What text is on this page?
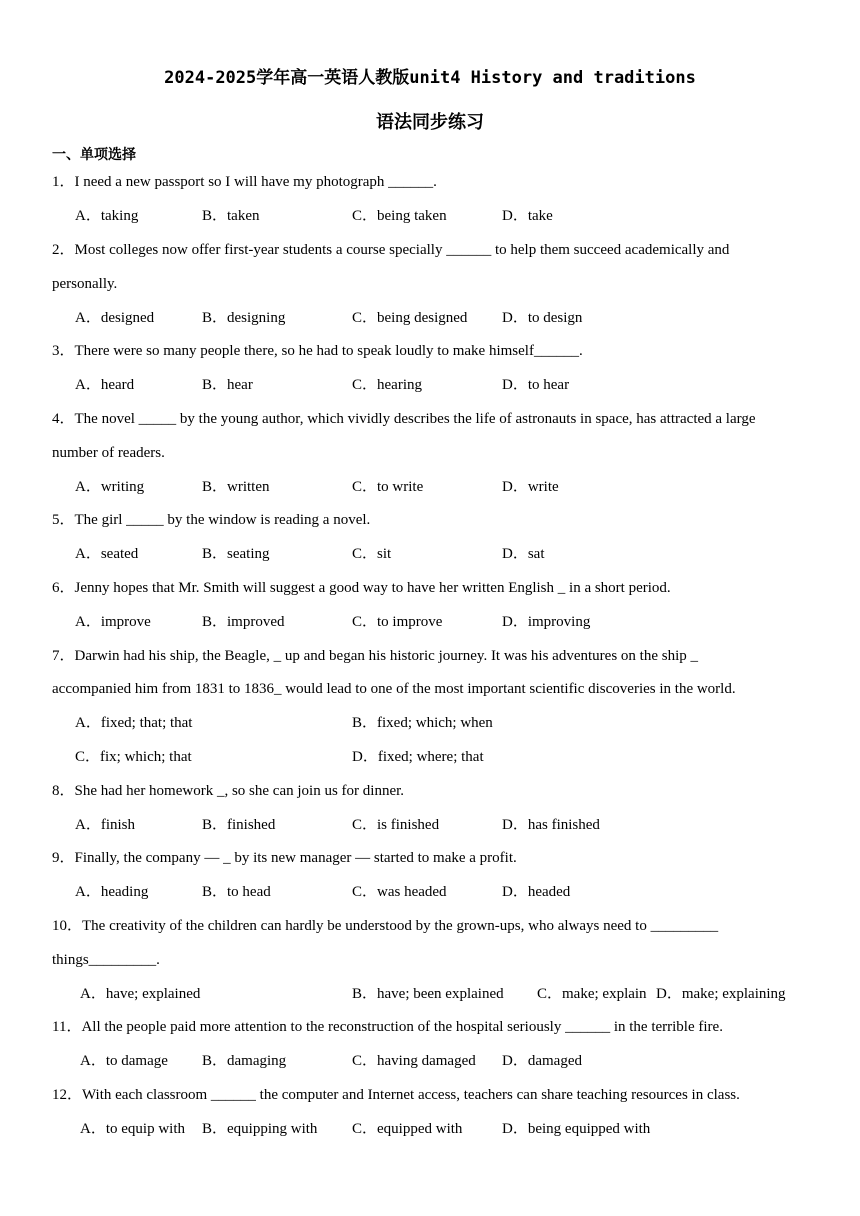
2024-2025学年高一英语人教版unit4 History and traditions
语法同步练习
一、单项选择
1．I need a new passport so I will have my photograph ______.
A．taking	B．taken	C．being taken	D．take
2．Most colleges now offer first-year students a course specially ______ to help them succeed academically and
personally.
A．designed	B．designing	C．being designed D．to design
3．There were so many people there, so he had to speak loudly to make himself______.
A．heard	B．hear	C．hearing	D．to hear
4．The novel _____ by the young author, which vividly describes the life of astronauts in space, has attracted a large
number of readers.
A．writing	B．written	C．to write	D．write
5．The girl _____ by the window is reading a novel.
A．seated	B．seating	C．sit	D．sat
6．Jenny hopes that Mr. Smith will suggest a good way to have her written English _ in a short period.
A．improve	B．improved	C．to improve	D．improving
7．Darwin had his ship, the Beagle, _ up and began his historic journey. It was his adventures on the ship _
accompanied him from 1831 to 1836_ would lead to one of the most important scientific discoveries in the world.
A．fixed; that; that	B．fixed; which; when
C．fix; which; that	D．fixed; where; that
8．She had her homework _, so she can join us for dinner.
A．finish	B．finished	C．is finished	D．has finished
9．Finally, the company — _ by its new manager — started to make a profit.
A．heading	B．to head	C．was headed	D．headed
10．The creativity of the children can hardly be understood by the grown-ups, who always need to _________
things_________.
A．have; explained	B．have; been explained C．make; explain D．make; explaining
11．All the people paid more attention to the reconstruction of the hospital seriously ______ in the terrible fire.
A．to damage B．damaging	C．having damaged D．damaged
12．With each classroom ______ the computer and Internet access, teachers can share teaching resources in class.
A．to equip with B．equipping with C．equipped with	D．being equipped with
